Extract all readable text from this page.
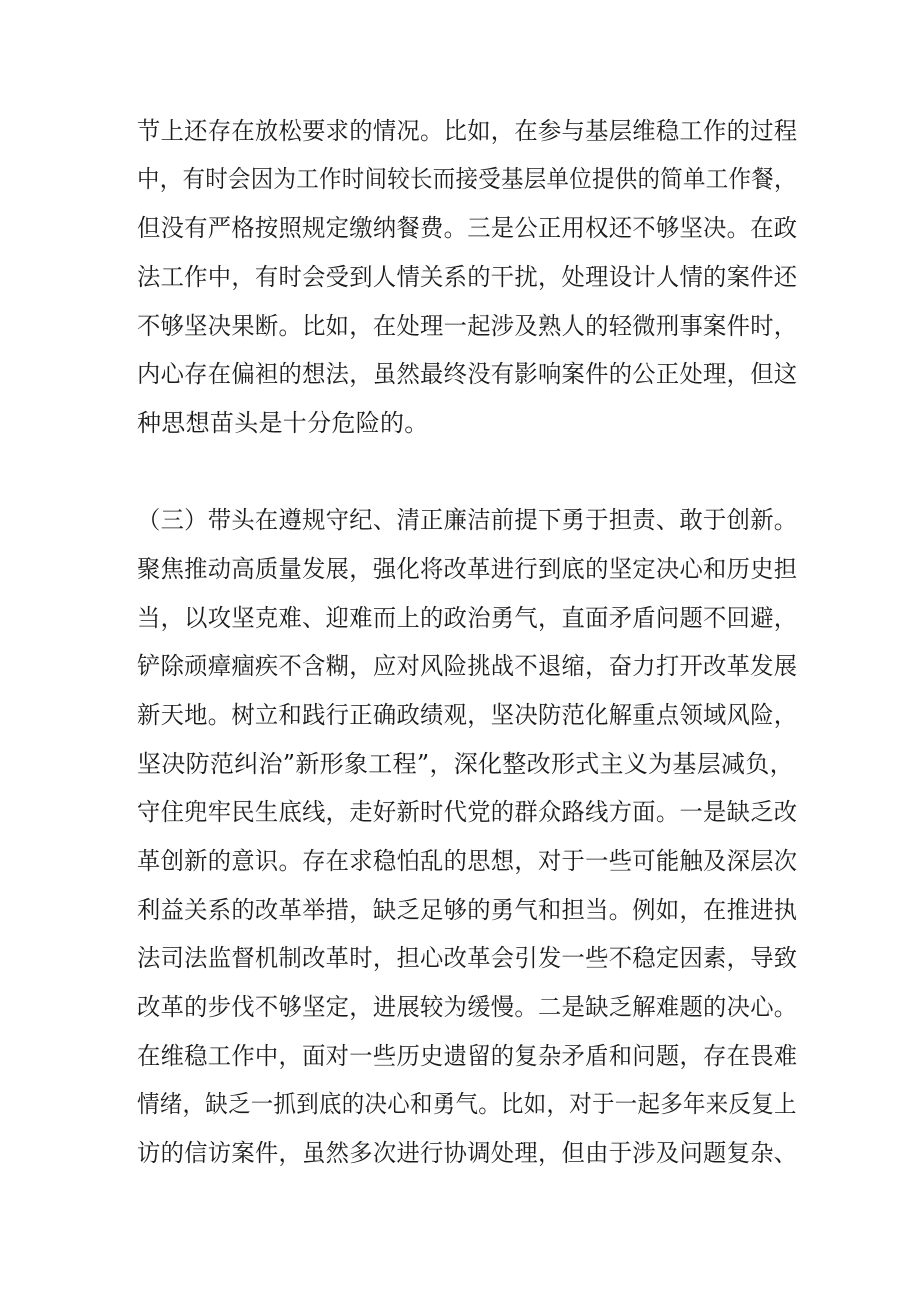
节上还存在放松要求的情况。比如，在参与基层维稳工作的过程
中，有时会因为工作时间较长而接受基层单位提供的简单工作餐，
但没有严格按照规定缴纳餐费。三是公正用权还不够坚决。在政
法工作中，有时会受到人情关系的干扰，处理设计人情的案件还
不够坚决果断。比如，在处理一起涉及熟人的轻微刑事案件时，
内心存在偏袒的想法，虽然最终没有影响案件的公正处理，但这
种思想苗头是十分危险的。
（三）带头在遵规守纪、清正廉洁前提下勇于担责、敢于创新。
聚焦推动高质量发展，强化将改革进行到底的坚定决心和历史担
当，以攻坚克难、迎难而上的政治勇气，直面矛盾问题不回避，
铲除顽瘴痼疾不含糊，应对风险挑战不退缩，奋力打开改革发展
新天地。树立和践行正确政绩观，坚决防范化解重点领域风险，
坚决防范纠治”新形象工程”，深化整改形式主义为基层减负，
守住兜牢民生底线，走好新时代党的群众路线方面。一是缺乏改
革创新的意识。存在求稳怕乱的思想，对于一些可能触及深层次
利益关系的改革举措，缺乏足够的勇气和担当。例如，在推进执
法司法监督机制改革时，担心改革会引发一些不稳定因素，导致
改革的步伐不够坚定，进展较为缓慢。二是缺乏解难题的决心。
在维稳工作中，面对一些历史遗留的复杂矛盾和问题，存在畏难
情绪，缺乏一抓到底的决心和勇气。比如，对于一起多年来反复上
访的信访案件，虽然多次进行协调处理，但由于涉及问题复杂、
